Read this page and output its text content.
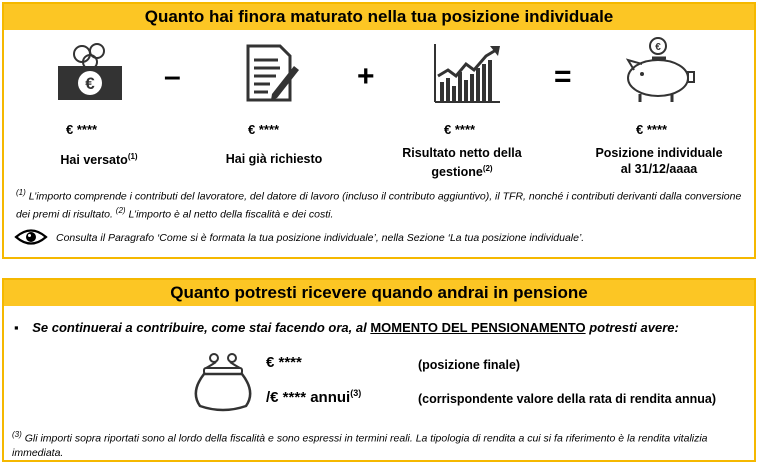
Quanto hai finora maturato nella tua posizione individuale
€ –	+	=
€
€ ****	€ ****	€ ****	€ ****
Hai versato$^{(1)}$	Hai già richiesto	Risultato netto della
gestione$^{(2)}$
Posizione individuale
al 31/12/aaaa
$^{(1)}$ L’importo comprende i contributi del lavoratore, del datore di lavoro (incluso il contributo aggiuntivo), il TFR, nonché i contributi derivanti dalla conversione dei premi di risultato. $^{(2)}$ L’importo è al netto della fiscalità e dei costi.
Consulta il Paragrafo ‘Come si è formata la tua posizione individuale’, nella Sezione ‘La tua posizione individuale’.
Quanto potresti ricevere quando andrai in pensione
▪ Se continuerai a contribuire, come stai facendo ora, al MOMENTO DEL PENSIONAMENTO potresti avere:
€ ****	(posizione finale)
/€ **** annui$^{(3)}$	(corrispondente valore della rata di rendita annua)
$^{(3)}$ Gli importi sopra riportati sono al lordo della fiscalità e sono espressi in termini reali. La tipologia di rendita a cui si fa riferimento è la rendita vitalizia immediata.
